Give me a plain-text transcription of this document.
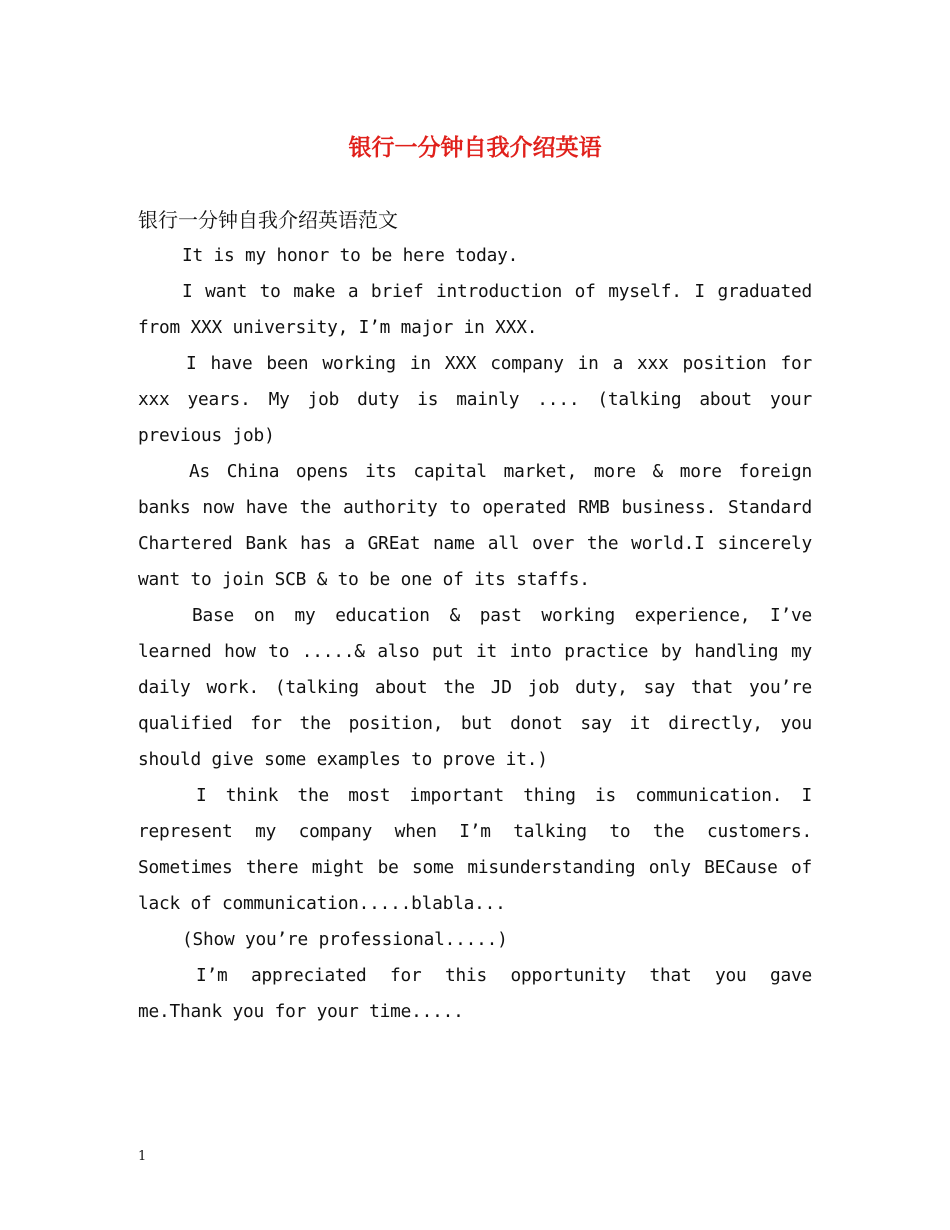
银行一分钟自我介绍英语
银行一分钟自我介绍英语范文

It is my honor to be here today.

I want to make a brief introduction of myself. I graduated from XXX university, I’m major in XXX.

I have been working in XXX company in a xxx position for xxx years. My job duty is mainly .... (talking about your previous job)

As China opens its capital market, more & more foreign banks now have the authority to operated RMB business. Standard Chartered Bank has a GREat name all over the world.I sincerely want to join SCB & to be one of its staffs.

Base on my education & past working experience, I’ve learned how to .....& also put it into practice by handling my daily work. (talking about the JD job duty, say that you’re qualified for the position, but donot say it directly, you should give some examples to prove it.)

I think the most important thing is communication. I represent my company when I’m talking to the customers. Sometimes there might be some misunderstanding only BECause of lack of communication.....blabla...

(Show you’re professional.....)

I’m appreciated for this opportunity that you gave me.Thank you for your time.....

1
